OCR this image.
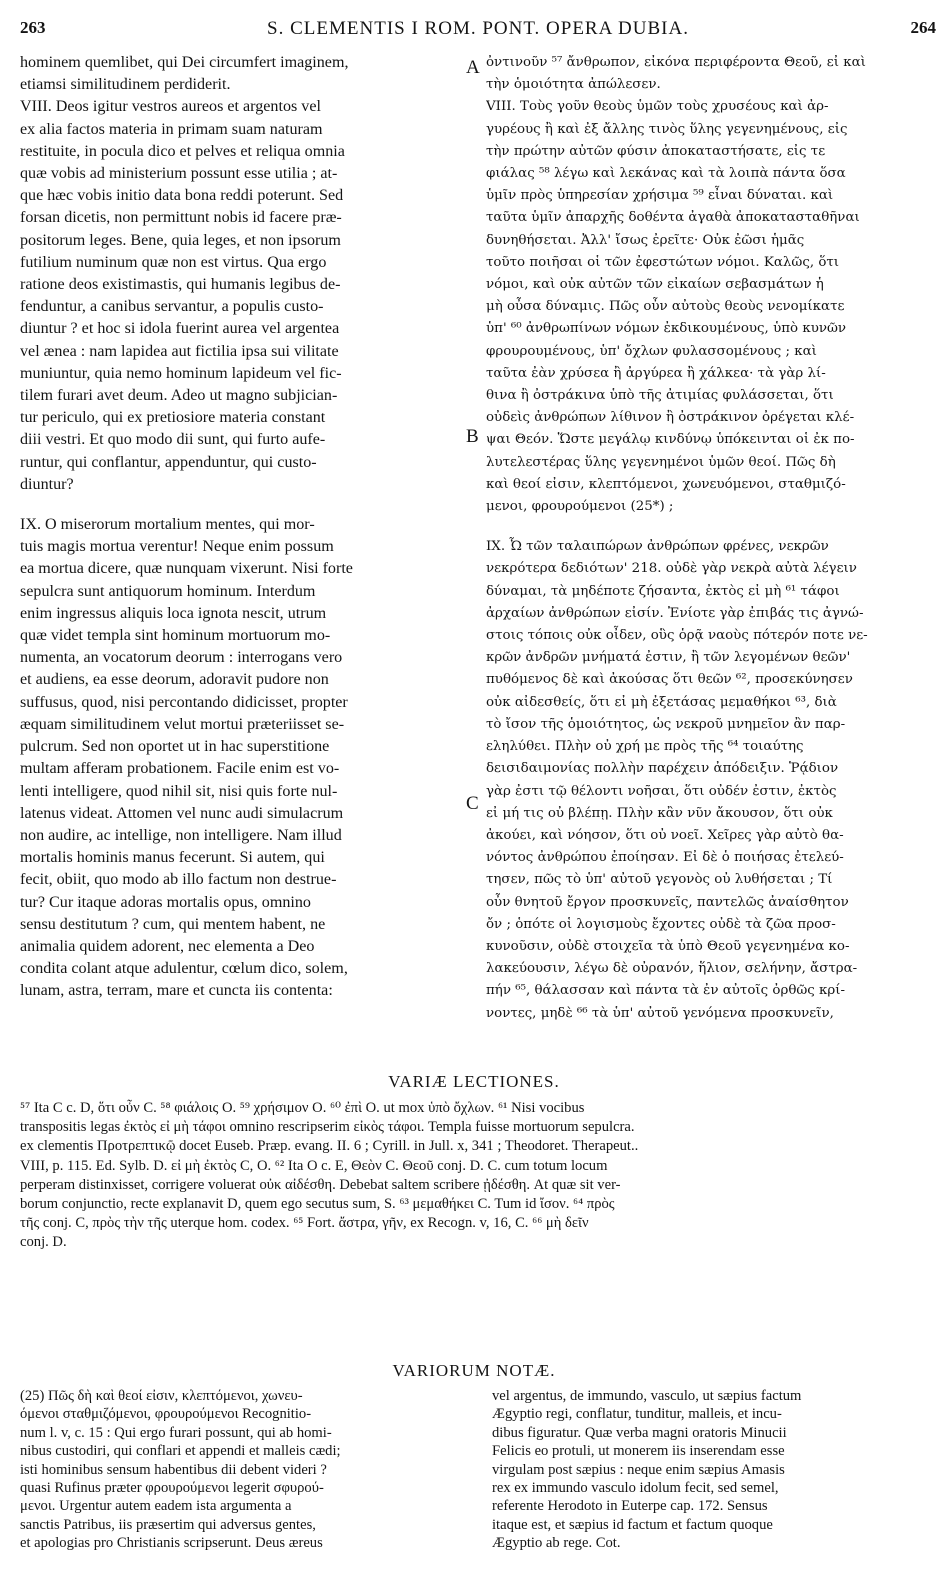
263	S. CLEMENTIS I ROM. PONT. OPERA DUBIA.	264
hominem quemlibet, qui Dei circumfert imaginem,
etiamsi similitudinem perdiderit.
VIII. Deos igitur vestros aureos et argentos vel
ex alia factos materia in primam suam naturam
restituite, in pocula dico et pelves et reliqua omnia
quæ vobis ad ministerium possunt esse utilia ; at-
que hæc vobis initio data bona reddi poterunt. Sed
forsan dicetis, non permittunt nobis id facere præ-
positorum leges. Bene, quia leges, et non ipsorum
futilium numinum quæ non est virtus. Qua ergo
ratione deos existimastis, qui humanis legibus de-
fenduntur, a canibus servantur, a populis custo-
diuntur ? et hoc si idola fuerint aurea vel argentea
vel ænea : nam lapidea aut fictilia ipsa sui vilitate
muniuntur, quia nemo hominum lapideum vel fic-
tilem furari avet deum. Adeo ut magno subjician-
tur periculo, qui ex pretiosiore materia constant
diii vestri. Et quo modo dii sunt, qui furto aufe-
runtur, qui conflantur, appenduntur, qui custo-
diuntur?
IX. O miserorum mortalium mentes, qui mor-
tuis magis mortua verentur! Neque enim possum
ea mortua dicere, quæ nunquam vixerunt. Nisi forte
sepulcra sunt antiquorum hominum. Interdum
enim ingressus aliquis loca ignota nescit, utrum
quæ videt templa sint hominum mortuorum mo-
numenta, an vocatorum deorum : interrogans vero
et audiens, ea esse deorum, adoravit pudore non
suffusus, quod, nisi percontando didicisset, propter
æquam similitudinem velut mortui præteriisset se-
pulcrum. Sed non oportet ut in hac superstitione
multam afferam probationem. Facile enim est vo-
lenti intelligere, quod nihil sit, nisi quis forte nul-
latenus videat. Attomen vel nunc audi simulacrum
non audire, ac intellige, non intelligere. Nam illud
mortalis hominis manus fecerunt. Si autem, qui
fecit, obiit, quo modo ab illo factum non destrue-
tur? Cur itaque adoras mortalis opus, omnino
sensu destitutum ? cum, qui mentem habent, ne
animalia quidem adorent, nec elementa a Deo
condita colant atque adulentur, cœlum dico, solem,
lunam, astra, terram, mare et cuncta iis contenta:
ὀντινοῦν ⁵⁷ ἄνθρωπον, εἰκόνα περιφέροντα Θεοῦ, εἰ καὶ
τὴν ὁμοιότητα ἀπώλεσεν.
VIII. Τοὺς γοῦν θεοὺς ὑμῶν τοὺς χρυσέους καὶ ἀρ-
γυρέους ἢ καὶ ἐξ ἄλλης τινὸς ὕλης γεγενημένους, εἰς
τὴν πρώτην αὐτῶν φύσιν ἀποκαταστήσατε, εἰς τε
φιάλας ⁵⁸ λέγω καὶ λεκάνας καὶ τὰ λοιπὰ πάντα ὅσα
ὑμῖν πρὸς ὑπηρεσίαν χρήσιμα ⁵⁹ εἶναι δύναται. καὶ
ταῦτα ὑμῖν ἀπαρχῆς δοθέντα ἀγαθὰ ἀποκατασταθῆναι
δυνηθήσεται. Ἀλλ' ἴσως ἐρεῖτε· Οὐκ ἐῶσι ἡμᾶς
τοῦτο ποιῆσαι οἱ τῶν ἐφεστώτων νόμοι. Καλῶς, ὅτι
νόμοι, καὶ οὐκ αὐτῶν τῶν εἰκαίων σεβασμάτων ἡ
μὴ οὖσα δύναμις. Πῶς οὖν αὐτοὺς θεοὺς νενομίκατε
ὑπ' ⁶⁰ ἀνθρωπίνων νόμων ἐκδικουμένους, ὑπὸ κυνῶν
φρουρουμένους, ὑπ' ὄχλων φυλασσομένους ; καὶ
ταῦτα ἐὰν χρύσεα ἢ ἀργύρεα ἢ χάλκεα· τὰ γὰρ λί-
θινα ἢ ὀστράκινα ὑπὸ τῆς ἀτιμίας φυλάσσεται, ὅτι
οὐδεὶς ἀνθρώπων λίθινον ἢ ὀστράκινον ὀρέγεται κλέ-
ψαι Θεόν. Ὥστε μεγάλῳ κινδύνῳ ὑπόκεινται οἱ ἐκ πο-
λυτελεστέρας ὕλης γεγενημένοι ὑμῶν θεοί. Πῶς δὴ
καὶ θεοί εἰσιν, κλεπτόμενοι, χωνευόμενοι, σταθμιζό-
μενοι, φρουρούμενοι (25*) ;
IX. Ὦ τῶν ταλαιπώρων ἀνθρώπων φρένες, νεκρῶν
νεκρότερα δεδιότων' 218. οὐδὲ γὰρ νεκρὰ αὐτὰ λέγειν
δύναμαι, τὰ μηδέποτε ζήσαντα, ἐκτὸς εἰ μὴ ⁶¹ τάφοι
ἀρχαίων ἀνθρώπων εἰσίν. Ἐνίοτε γὰρ ἐπιβάς τις ἀγνώ-
στοις τόποις οὐκ οἶδεν, οὓς ὁρᾷ ναοὺς πότερόν ποτε νε-
κρῶν ἀνδρῶν μνήματά ἐστιν, ἢ τῶν λεγομένων θεῶν'
πυθόμενος δὲ καὶ ἀκούσας ὅτι θεῶν ⁶², προσεκύνησεν
οὐκ αἰδεσθείς, ὅτι εἰ μὴ ἐξετάσας μεμαθήκοι ⁶³, διὰ
τὸ ἴσον τῆς ὁμοιότητος, ὡς νεκροῦ μνημεῖον ἂν παρ-
εληλύθει. Πλὴν οὐ χρή με πρὸς τῆς ⁶⁴ τοιαύτης
δεισιδαιμονίας πολλὴν παρέχειν ἀπόδειξιν. Ῥᾴδιον
γὰρ ἐστι τῷ θέλοντι νοῆσαι, ὅτι οὐδέν ἐστιν, ἐκτὸς
εἰ μή τις οὐ βλέπῃ. Πλὴν κἂν νῦν ἄκουσον, ὅτι οὐκ
ἀκούει, καὶ νόησον, ὅτι οὐ νοεῖ. Χεῖρες γὰρ αὐτὸ θα-
νόντος ἀνθρώπου ἐποίησαν. Εἰ δὲ ὁ ποιήσας ἐτελεύ-
τησεν, πῶς τὸ ὑπ' αὐτοῦ γεγονὸς οὐ λυθήσεται ; Τί
οὖν θνητοῦ ἔργον προσκυνεῖς, παντελῶς ἀναίσθητον
ὄν ; ὁπότε οἱ λογισμοὺς ἔχοντες οὐδὲ τὰ ζῶα προσ-
κυνοῦσιν, οὐδὲ στοιχεῖα τὰ ὑπὸ Θεοῦ γεγενημένα κο-
λακεύουσιν, λέγω δὲ οὐρανόν, ἥλιον, σελήνην, ἄστρα-
πήν ⁶⁵, θάλασσαν καὶ πάντα τὰ ἐν αὐτοῖς ὀρθῶς κρί-
νοντες, μηδὲ ⁶⁶ τὰ ὑπ' αὐτοῦ γενόμενα προσκυνεῖν,
A
B
C
VARIÆ LECTIONES.
⁵⁷ Ita C c. D, ὅτι οὖν C. ⁵⁸ φιάλοις O. ⁵⁹ χρήσιμον O. ⁶⁰ ἐπὶ O. ut mox ὑπὸ ὄχλων. ⁶¹ Nisi vocibus
transpositis legas ἐκτὸς εἰ μὴ τάφοι omnino rescripserim εἰκὸς τάφοι. Templa fuisse mortuorum sepulcra.
ex clementis Προτρεπτικῷ docet Euseb. Præp. evang. II. 6 ; Cyrill. in Jull. x, 341 ; Theodoret. Therapeut..
VIII, p. 115. Ed. Sylb. D. εἰ μὴ ἐκτὸς C, O. ⁶² Ita O c. E, Θεὸν C. Θεοῦ conj. D. C. cum totum locum
perperam distinxisset, corrigere voluerat οὐκ αἰδέσθη. Debebat saltem scribere ᾐδέσθη. At quæ sit ver-
borum conjunctio, recte explanavit D, quem ego secutus sum, S. ⁶³ μεμαθήκει C. Tum id ἴσον. ⁶⁴ πρὸς
τῆς conj. C, πρὸς τὴν τῆς uterque hom. codex. ⁶⁵ Fort. ἄστρα, γῆν, ex Recogn. v, 16, C. ⁶⁶ μὴ δεῖν
conj. D.
VARIORUM NOTÆ.
(25) Πῶς δὴ καὶ θεοί εἰσιν, κλεπτόμενοι, χωνευ-
όμενοι σταθμιζόμενοι, φρουρούμενοι Recognitio-
num l. v, c. 15 : Qui ergo furari possunt, qui ab homi-
nibus custodiri, qui conflari et appendi et malleis cædi;
isti hominibus sensum habentibus dii debent videri ?
quasi Rufinus præter φρουρούμενοι legerit σφυρού-
μενοι. Urgentur autem eadem ista argumenta a
sanctis Patribus, iis præsertim qui adversus gentes,
et apologias pro Christianis scripserunt. Deus æreus
vel argentus, de immundo, vasculo, ut sæpius factum
Ægyptio regi, conflatur, tunditur, malleis, et incu-
dibus figuratur. Quæ verba magni oratoris Minucii
Felicis eo protuli, ut monerem iis inserendam esse
virgulam post sæpius : neque enim sæpius Amasis
rex ex immundo vasculo idolum fecit, sed semel,
referente Herodoto in Euterpe cap. 172. Sensus
itaque est, et sæpius id factum et factum quoque
Ægyptio ab rege. Cot.
